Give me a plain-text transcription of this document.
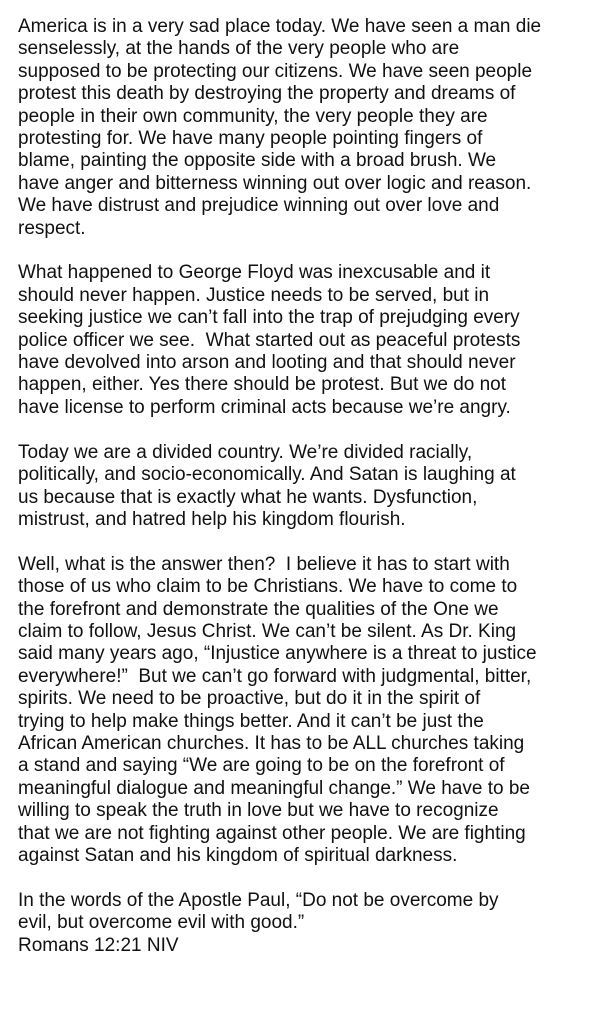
America is in a very sad place today. We have seen a man die
senselessly, at the hands of the very people who are
supposed to be protecting our citizens. We have seen people
protest this death by destroying the property and dreams of
people in their own community, the very people they are
protesting for. We have many people pointing fingers of
blame, painting the opposite side with a broad brush. We
have anger and bitterness winning out over logic and reason.
We have distrust and prejudice winning out over love and
respect.

What happened to George Floyd was inexcusable and it
should never happen. Justice needs to be served, but in
seeking justice we can’t fall into the trap of prejudging every
police officer we see.  What started out as peaceful protests
have devolved into arson and looting and that should never
happen, either. Yes there should be protest. But we do not
have license to perform criminal acts because we’re angry.

Today we are a divided country. We’re divided racially,
politically, and socio-economically. And Satan is laughing at
us because that is exactly what he wants. Dysfunction,
mistrust, and hatred help his kingdom flourish.

Well, what is the answer then?  I believe it has to start with
those of us who claim to be Christians. We have to come to
the forefront and demonstrate the qualities of the One we
claim to follow, Jesus Christ. We can’t be silent. As Dr. King
said many years ago, “Injustice anywhere is a threat to justice
everywhere!”  But we can’t go forward with judgmental, bitter,
spirits. We need to be proactive, but do it in the spirit of
trying to help make things better. And it can’t be just the
African American churches. It has to be ALL churches taking
a stand and saying “We are going to be on the forefront of
meaningful dialogue and meaningful change.” We have to be
willing to speak the truth in love but we have to recognize
that we are not fighting against other people. We are fighting
against Satan and his kingdom of spiritual darkness.

In the words of the Apostle Paul, “Do not be overcome by
evil, but overcome evil with good.”
Romans 12:21 NIV
